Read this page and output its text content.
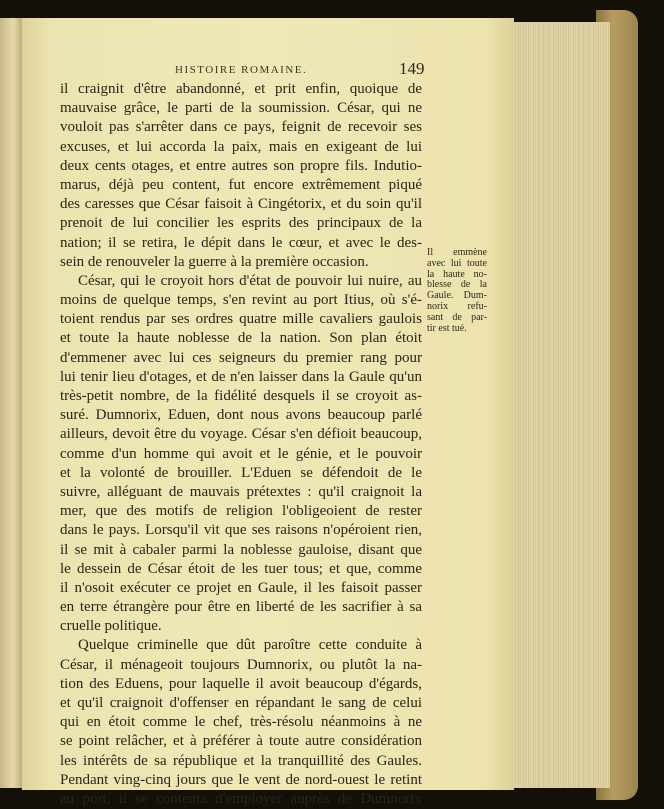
HISTOIRE ROMAINE.	149
il craignit d'être abandonné, et prit enfin, quoique de
mauvaise grâce, le parti de la soumission. César, qui ne
vouloit pas s'arrêter dans ce pays, feignit de recevoir ses
excuses, et lui accorda la paix, mais en exigeant de lui
deux cents otages, et entre autres son propre fils. Indutio-
marus, déjà peu content, fut encore extrêmement piqué
des caresses que César faisoit à Cingétorix, et du soin qu'il
prenoit de lui concilier les esprits des principaux de la
nation; il se retira, le dépit dans le cœur, et avec le des-
sein de renouveler la guerre à la première occasion.
César, qui le croyoit hors d'état de pouvoir lui nuire, au
moins de quelque temps, s'en revint au port Itius, où s'é-
toient rendus par ses ordres quatre mille cavaliers gaulois
et toute la haute noblesse de la nation. Son plan étoit
d'emmener avec lui ces seigneurs du premier rang pour
lui tenir lieu d'otages, et de n'en laisser dans la Gaule qu'un
très-petit nombre, de la fidélité desquels il se croyoit as-
suré. Dumnorix, Eduen, dont nous avons beaucoup parlé
ailleurs, devoit être du voyage. César s'en défioit beaucoup,
comme d'un homme qui avoit et le génie, et le pouvoir
et la volonté de brouiller. L'Eduen se défendoit de le
suivre, alléguant de mauvais prétextes : qu'il craignoit la
mer, que des motifs de religion l'obligeoient de rester
dans le pays. Lorsqu'il vit que ses raisons n'opéroient rien,
il se mit à cabaler parmi la noblesse gauloise, disant que
le dessein de César étoit de les tuer tous; et que, comme
il n'osoit exécuter ce projet en Gaule, il les faisoit passer
en terre étrangère pour être en liberté de les sacrifier à sa
cruelle politique.
Quelque criminelle que dût paroître cette conduite à
César, il ménageoit toujours Dumnorix, ou plutôt la na-
tion des Eduens, pour laquelle il avoit beaucoup d'égards,
et qu'il craignoit d'offenser en répandant le sang de celui
qui en étoit comme le chef, très-résolu néanmoins à ne
se point relâcher, et à préférer à toute autre considération
les intérêts de sa république et la tranquillité des Gaules.
Pendant ving-cinq jours que le vent de nord-ouest le retint
au port, il se contenta d'employer auprès de Dumnorix
Il emmène
avec lui toute
la haute no-
blesse de la
Gaule. Dum-
norix refu-
sant de par-
tir est tué.
